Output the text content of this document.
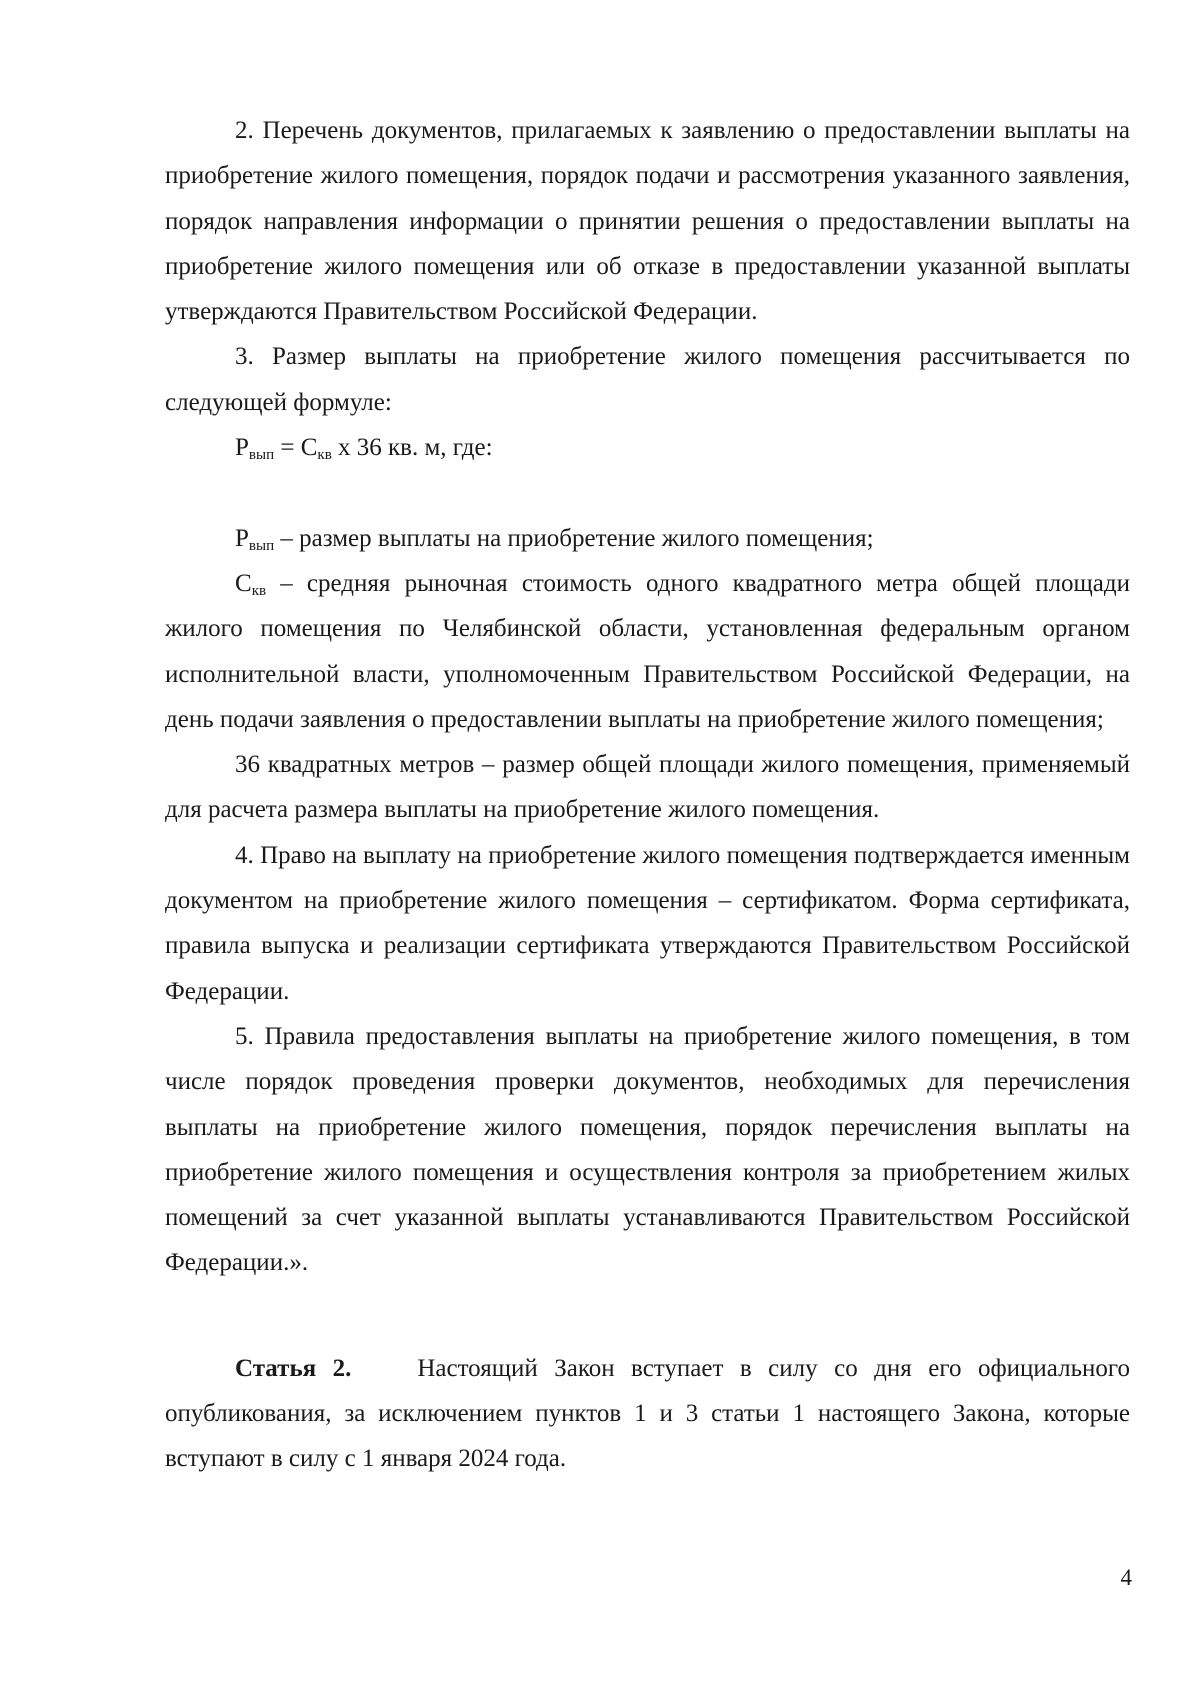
2. Перечень документов, прилагаемых к заявлению о предоставлении выплаты на приобретение жилого помещения, порядок подачи и рассмотрения указанного заявления, порядок направления информации о принятии решения о предоставлении выплаты на приобретение жилого помещения или об отказе в предоставлении указанной выплаты утверждаются Правительством Российской Федерации.

3. Размер выплаты на приобретение жилого помещения рассчитывается по следующей формуле:

$Р_{вып} = С_{кв}$ х 36 кв. м, где:

$Р_{вып}$ – размер выплаты на приобретение жилого помещения;

$С_{кв}$ – средняя рыночная стоимость одного квадратного метра общей площади жилого помещения по Челябинской области, установленная федеральным органом исполнительной власти, уполномоченным Правительством Российской Федерации, на день подачи заявления о предоставлении выплаты на приобретение жилого помещения;

36 квадратных метров – размер общей площади жилого помещения, применяемый для расчета размера выплаты на приобретение жилого помещения.

4. Право на выплату на приобретение жилого помещения подтверждается именным документом на приобретение жилого помещения – сертификатом. Форма сертификата, правила выпуска и реализации сертификата утверждаются Правительством Российской Федерации.

5. Правила предоставления выплаты на приобретение жилого помещения, в том числе порядок проведения проверки документов, необходимых для перечисления выплаты на приобретение жилого помещения, порядок перечисления выплаты на приобретение жилого помещения и осуществления контроля за приобретением жилых помещений за счет указанной выплаты устанавливаются Правительством Российской Федерации.».

Статья 2.	Настоящий Закон вступает в силу со дня его официального опубликования, за исключением пунктов 1 и 3 статьи 1 настоящего Закона, которые вступают в силу с 1 января 2024 года.

4
